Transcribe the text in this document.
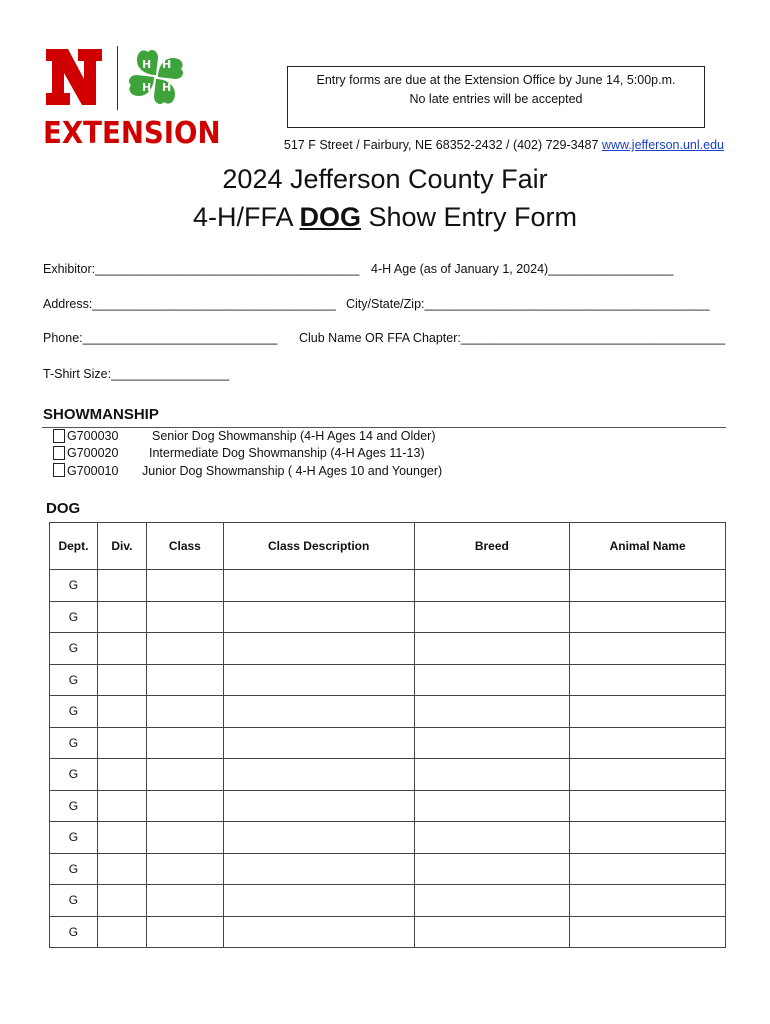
H H
H H
EXTENSION
Entry forms are due at the Extension Office by June 14, 5:00p.m.
No late entries will be accepted
517 F Street / Fairbury, NE 68352-2432 / (402) 729-3487 www.jefferson.unl.edu
2024 Jefferson County Fair
4-H/FFA DOG Show Entry Form
Exhibitor:______________________________________ 4-H Age (as of January 1, 2024)__________________
Address:___________________________________ City/State/Zip:_________________________________________
Phone:____________________________ Club Name OR FFA Chapter:______________________________________
T-Shirt Size:_________________
SHOWMANSHIP
G700030	Senior Dog Showmanship (4-H Ages 14 and Older)
G700020 Intermediate Dog Showmanship (4-H Ages 11-13)
G700010 Junior Dog Showmanship ( 4-H Ages 10 and Younger)
DOG
Dept.	Div.	Class	Class Description	Breed	Animal Name
G					
G					
G					
G					
G					
G					
G					
G					
G					
G					
G					
G					
